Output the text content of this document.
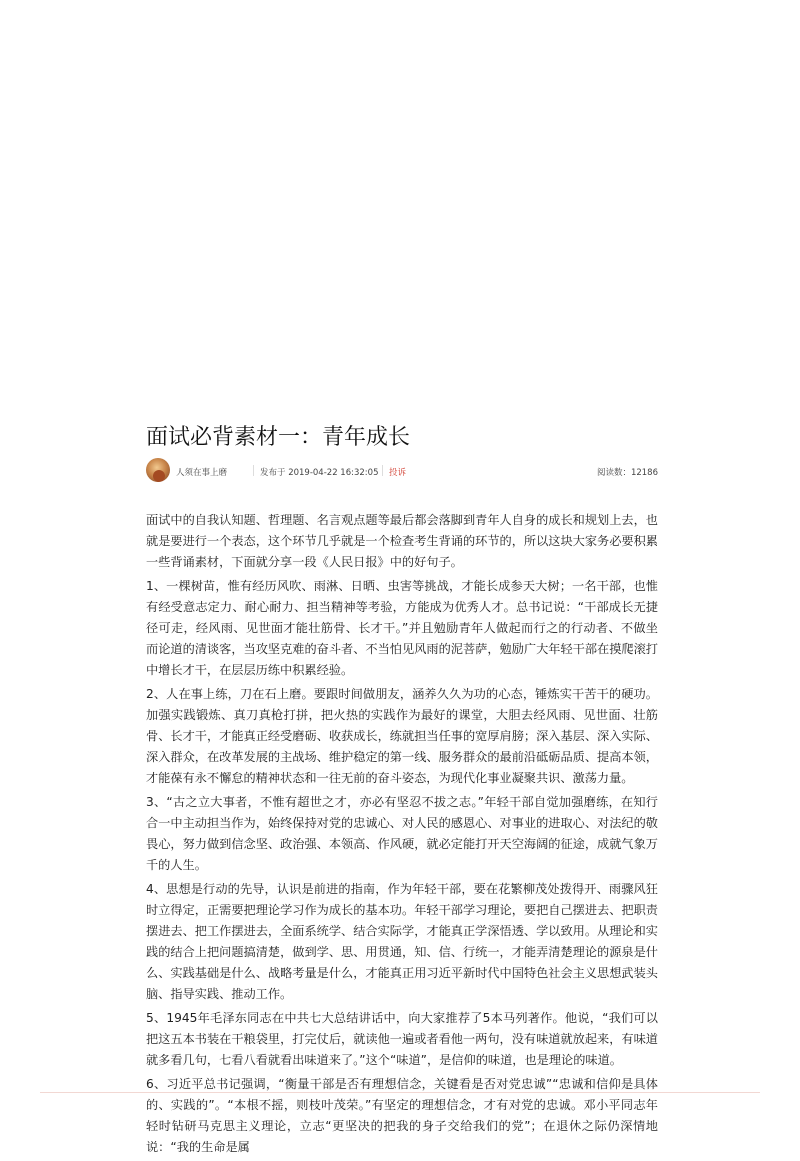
面试必背素材一：青年成长
人须在事上磨	发布于 2019-04-22 16:32:05 投诉	阅读数：12186

面试中的自我认知题、哲理题、名言观点题等最后都会落脚到青年人自身的成长和规划上去，也就是要进行一个表态，这个环节几乎就是一个检查考生背诵的环节的，所以这块大家务必要积累一些背诵素材，下面就分享一段《人民日报》中的好句子。

1、一棵树苗，惟有经历风吹、雨淋、日晒、虫害等挑战，才能长成参天大树；一名干部，也惟有经受意志定力、耐心耐力、担当精神等考验，方能成为优秀人才。总书记说：“干部成长无捷径可走，经风雨、见世面才能壮筋骨、长才干。”并且勉励青年人做起而行之的行动者、不做坐而论道的清谈客，当攻坚克难的奋斗者、不当怕见风雨的泥菩萨，勉励广大年轻干部在摸爬滚打中增长才干，在层层历练中积累经验。

2、人在事上练，刀在石上磨。要跟时间做朋友，涵养久久为功的心态，锤炼实干苦干的硬功。加强实践锻炼、真刀真枪打拼，把火热的实践作为最好的课堂，大胆去经风雨、见世面、壮筋骨、长才干，才能真正经受磨砺、收获成长，练就担当任事的宽厚肩膀；深入基层、深入实际、深入群众，在改革发展的主战场、维护稳定的第一线、服务群众的最前沿砥砺品质、提高本领，才能葆有永不懈怠的精神状态和一往无前的奋斗姿态，为现代化事业凝聚共识、激荡力量。

3、“古之立大事者，不惟有超世之才，亦必有坚忍不拔之志。”年轻干部自觉加强磨练，在知行合一中主动担当作为，始终保持对党的忠诚心、对人民的感恩心、对事业的进取心、对法纪的敬畏心，努力做到信念坚、政治强、本领高、作风硬，就必定能打开天空海阔的征途，成就气象万千的人生。

4、思想是行动的先导，认识是前进的指南，作为年轻干部，要在花繁柳茂处拨得开、雨骤风狂时立得定，正需要把理论学习作为成长的基本功。年轻干部学习理论，要把自己摆进去、把职责摆进去、把工作摆进去，全面系统学、结合实际学，才能真正学深悟透、学以致用。从理论和实践的结合上把问题搞清楚，做到学、思、用贯通，知、信、行统一，才能弄清楚理论的源泉是什么、实践基础是什么、战略考量是什么，才能真正用习近平新时代中国特色社会主义思想武装头脑、指导实践、推动工作。

5、1945年毛泽东同志在中共七大总结讲话中，向大家推荐了5本马列著作。他说，“我们可以把这五本书装在干粮袋里，打完仗后，就读他一遍或者看他一两句，没有味道就放起来，有味道就多看几句，七看八看就看出味道来了。”这个“味道”，是信仰的味道，也是理论的味道。

6、习近平总书记强调，“衡量干部是否有理想信念，关键看是否对党忠诚”“忠诚和信仰是具体的、实践的”。“本根不摇，则枝叶茂荣。”有坚定的理想信念，才有对党的忠诚。邓小平同志年轻时钻研马克思主义理论，立志“更坚决的把我的身子交给我们的党”；在退休之际仍深情地说：“我的生命是属
